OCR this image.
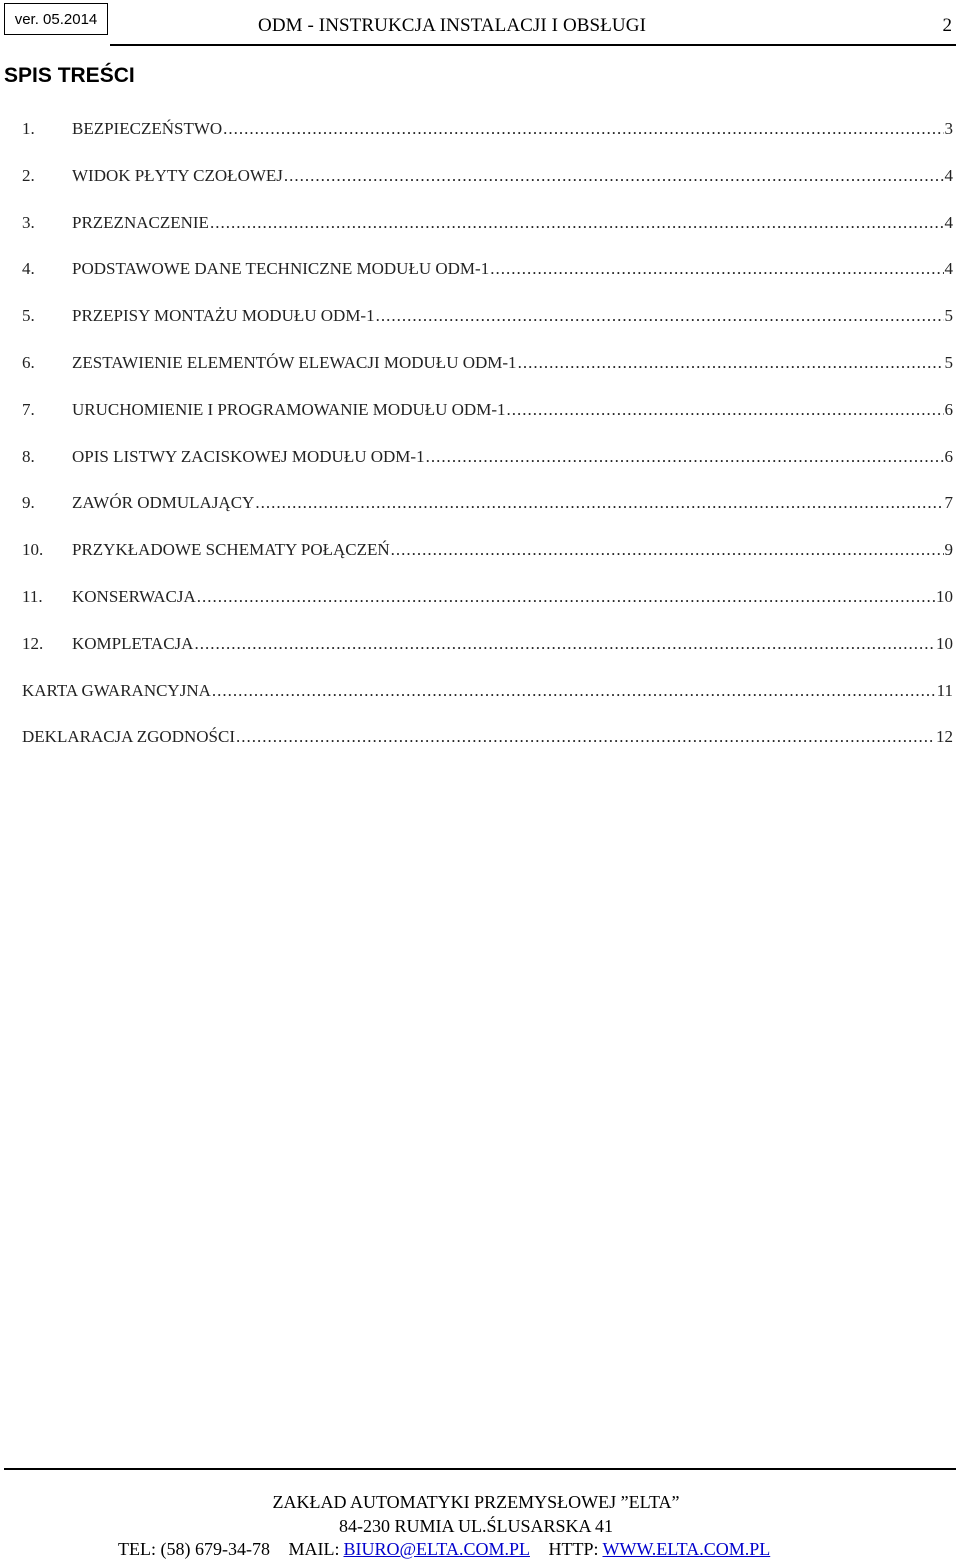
ver. 05.2014	ODM - INSTRUKCJA INSTALACJI I OBSŁUGI	2
SPIS TREŚCI
1.	BEZPIECZEŃSTWO .....	3
2.	WIDOK PŁYTY CZOŁOWEJ .....	4
3.	PRZEZNACZENIE .....	4
4.	PODSTAWOWE DANE TECHNICZNE MODUŁU ODM-1 .....	4
5.	PRZEPISY MONTAŻU MODUŁU ODM-1 .....	5
6.	ZESTAWIENIE ELEMENTÓW ELEWACJI MODUŁU ODM-1 .....	5
7.	URUCHOMIENIE I PROGRAMOWANIE MODUŁU ODM-1 .....	6
8.	OPIS LISTWY ZACISKOWEJ MODUŁU ODM-1 .....	6
9.	ZAWÓR ODMULAJĄCY .....	7
10.	PRZYKŁADOWE SCHEMATY POŁĄCZEŃ .....	9
11.	KONSERWACJA .....	10
12.	KOMPLETACJA .....	10
KARTA GWARANCYJNA .....	11
DEKLARACJA ZGODNOŚCI .....	12
ZAKŁAD AUTOMATYKI PRZEMYSŁOWEJ ”ELTA”
84-230 RUMIA UL.ŚLUSARSKA 41
TEL: (58) 679-34-78 MAIL: BIURO@ELTA.COM.PL HTTP: WWW.ELTA.COM.PL
